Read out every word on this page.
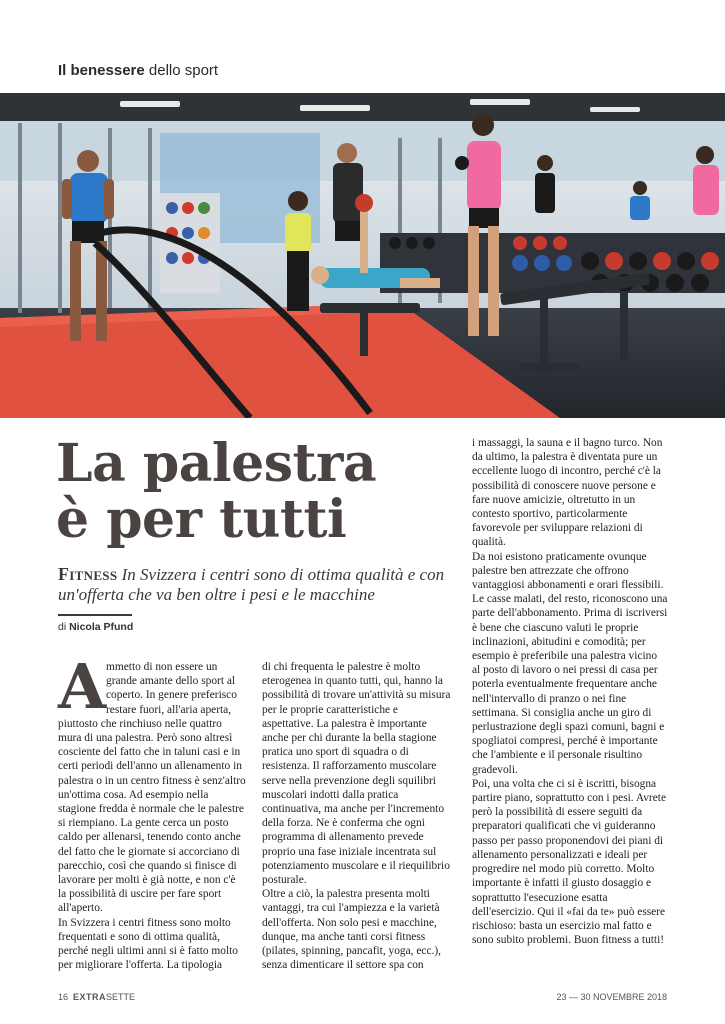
Il benessere dello sport
La palestra
è per tutti
Fitness In Svizzera i centri sono di ottima qualità e con un'offerta che va ben oltre i pesi e le macchine
di Nicola Pfund
A mmetto di non essere un grande amante dello sport al coperto. In genere preferisco restare fuori, all'aria aperta, piuttosto che rinchiuso nelle quattro mura di una palestra. Però sono altresì cosciente del fatto che in taluni casi e in certi periodi dell'anno un allenamento in palestra o in un centro fitness è senz'altro un'ottima cosa. Ad esempio nella stagione fredda è normale che le palestre si riempiano. La gente cerca un posto caldo per allenarsi, tenendo conto anche del fatto che le giornate si accorciano di parecchio, così che quando si finisce di lavorare per molti è già notte, e non c'è la possibilità di uscire per fare sport all'aperto.

In Svizzera i centri fitness sono molto frequentati e sono di ottima qualità, perché negli ultimi anni si è fatto molto per migliorare l'offerta. La tipologia

di chi frequenta le palestre è molto eterogenea in quanto tutti, qui, hanno la possibilità di trovare un'attività su misura per le proprie caratteristiche e aspettative. La palestra è importante anche per chi durante la bella stagione pratica uno sport di squadra o di resistenza. Il rafforzamento muscolare serve nella prevenzione degli squilibri muscolari indotti dalla pratica continuativa, ma anche per l'incremento della forza. Ne è conferma che ogni programma di allenamento prevede proprio una fase iniziale incentrata sul potenziamento muscolare e il riequilibrio posturale.

Oltre a ciò, la palestra presenta molti vantaggi, tra cui l'ampiezza e la varietà dell'offerta. Non solo pesi e macchine, dunque, ma anche tanti corsi fitness (pilates, spinning, pancafit, yoga, ecc.), senza dimenticare il settore spa con

i massaggi, la sauna e il bagno turco. Non da ultimo, la palestra è diventata pure un eccellente luogo di incontro, perché c'è la possibilità di conoscere nuove persone e fare nuove amicizie, oltretutto in un contesto sportivo, particolarmente favorevole per sviluppare relazioni di qualità.

Da noi esistono praticamente ovunque palestre ben attrezzate che offrono vantaggiosi abbonamenti e orari flessibili. Le casse malati, del resto, riconoscono una parte dell'abbonamento. Prima di iscriversi è bene che ciascuno valuti le proprie inclinazioni, abitudini e comodità; per esempio è preferibile una palestra vicino al posto di lavoro o nei pressi di casa per poterla eventualmente frequentare anche nell'intervallo di pranzo o nei fine settimana. Si consiglia anche un giro di perlustrazione degli spazi comuni, bagni e spogliatoi compresi, perché è importante che l'ambiente e il personale risultino gradevoli.

Poi, una volta che ci si è iscritti, bisogna partire piano, soprattutto con i pesi. Avrete però la possibilità di essere seguiti da preparatori qualificati che vi guideranno passo per passo proponendovi dei piani di allenamento personalizzati e ideali per progredire nel modo più corretto. Molto importante è infatti il giusto dosaggio e soprattutto l'esecuzione esatta dell'esercizio. Qui il «fai da te» può essere rischioso: basta un esercizio mal fatto e sono subito problemi. Buon fitness a tutti!

16 EXTRASETTE	23 — 30 NOVEMBRE 2018
